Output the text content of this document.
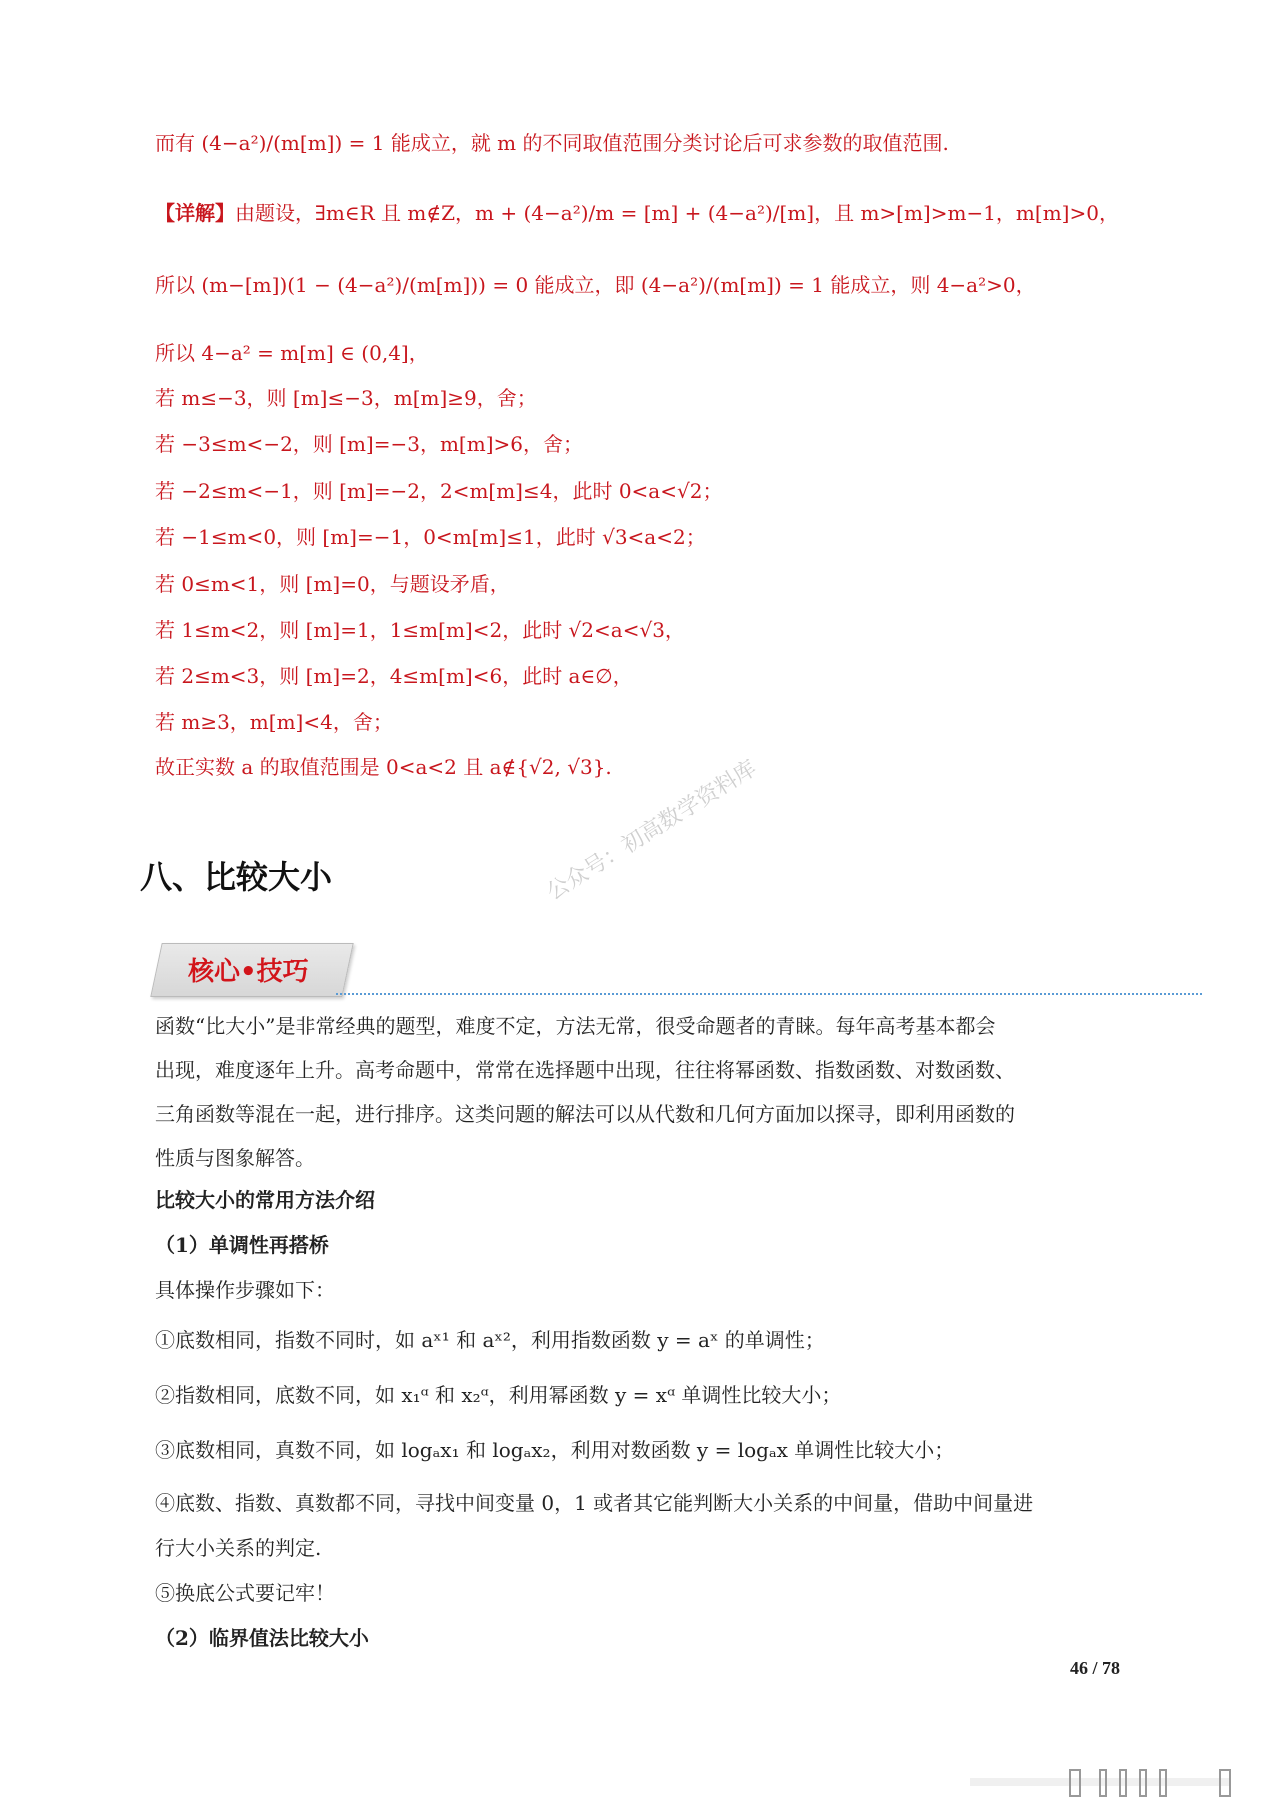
而有 (4−a²)/(m[m]) = 1 能成立，就 m 的不同取值范围分类讨论后可求参数的取值范围.
【详解】由题设，∃m∈R 且 m∉Z，m + (4−a²)/m = [m] + (4−a²)/[m]，且 m>[m]>m−1，m[m]>0，
所以 (m−[m])(1 − (4−a²)/(m[m])) = 0 能成立，即 (4−a²)/(m[m]) = 1 能成立，则 4−a²>0，
所以 4−a² = m[m] ∈ (0,4]，
若 m≤−3，则 [m]≤−3，m[m]≥9，舍；
若 −3≤m<−2，则 [m]=−3，m[m]>6，舍；
若 −2≤m<−1，则 [m]=−2，2<m[m]≤4，此时 0<a<√2；
若 −1≤m<0，则 [m]=−1，0<m[m]≤1，此时 √3<a<2；
若 0≤m<1，则 [m]=0，与题设矛盾，
若 1≤m<2，则 [m]=1，1≤m[m]<2，此时 √2<a<√3，
若 2≤m<3，则 [m]=2，4≤m[m]<6，此时 a∈∅，
若 m≥3，m[m]<4，舍；
故正实数 a 的取值范围是 0<a<2 且 a∉{√2, √3}.
八、比较大小	公众号：初高数学资料库
核心•技巧
函数“比大小”是非常经典的题型，难度不定，方法无常，很受命题者的青睐。每年高考基本都会
出现，难度逐年上升。高考命题中，常常在选择题中出现，往往将幂函数、指数函数、对数函数、
三角函数等混在一起，进行排序。这类问题的解法可以从代数和几何方面加以探寻，即利用函数的
性质与图象解答。
比较大小的常用方法介绍
（1）单调性再搭桥
具体操作步骤如下：
①底数相同，指数不同时，如 aˣ¹ 和 aˣ²，利用指数函数 y = aˣ 的单调性；
②指数相同，底数不同，如 x₁ᵅ 和 x₂ᵅ，利用幂函数 y = xᵅ 单调性比较大小；
③底数相同，真数不同，如 logₐx₁ 和 logₐx₂，利用对数函数 y = logₐx 单调性比较大小；
④底数、指数、真数都不同，寻找中间变量 0，1 或者其它能判断大小关系的中间量，借助中间量进
行大小关系的判定.
⑤换底公式要记牢！
（2）临界值法比较大小
46 / 78
